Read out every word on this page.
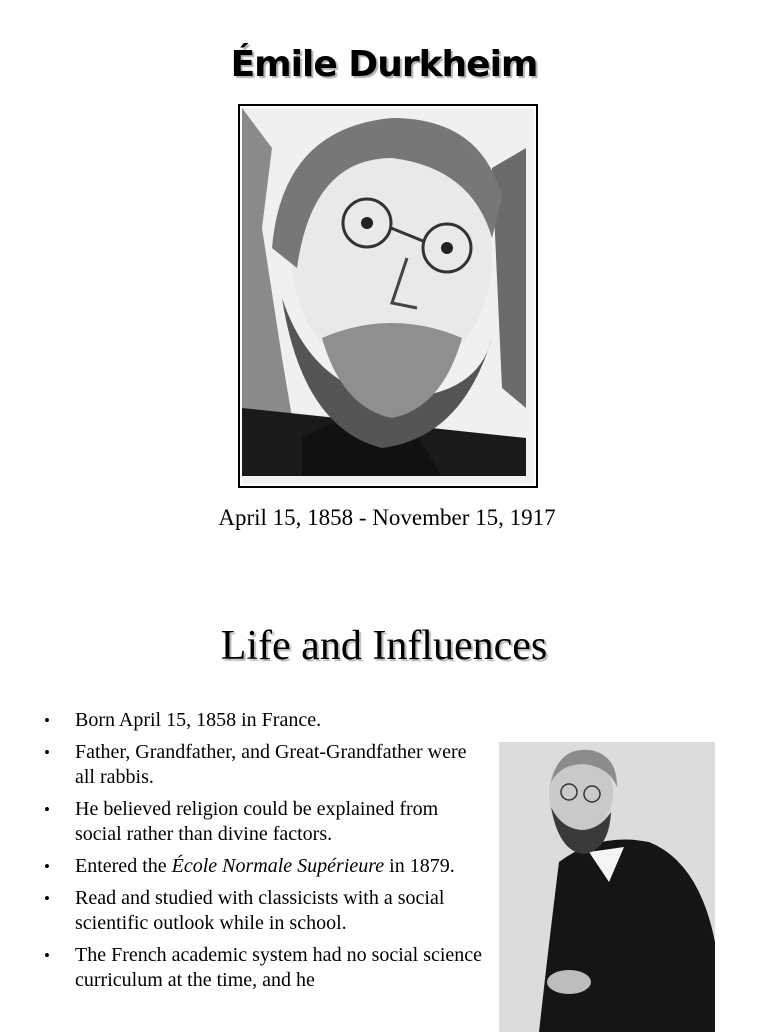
Émile Durkheim
April 15, 1858 - November 15, 1917
Life and Influences
• Born April 15, 1858 in France.
• Father, Grandfather, and Great-Grandfather were all rabbis.
• He believed religion could be explained from social rather than divine factors.
• Entered the École Normale Supérieure in 1879.
• Read and studied with classicists with a social scientific outlook while in school.
• The French academic system had no social science curriculum at the time, and he
